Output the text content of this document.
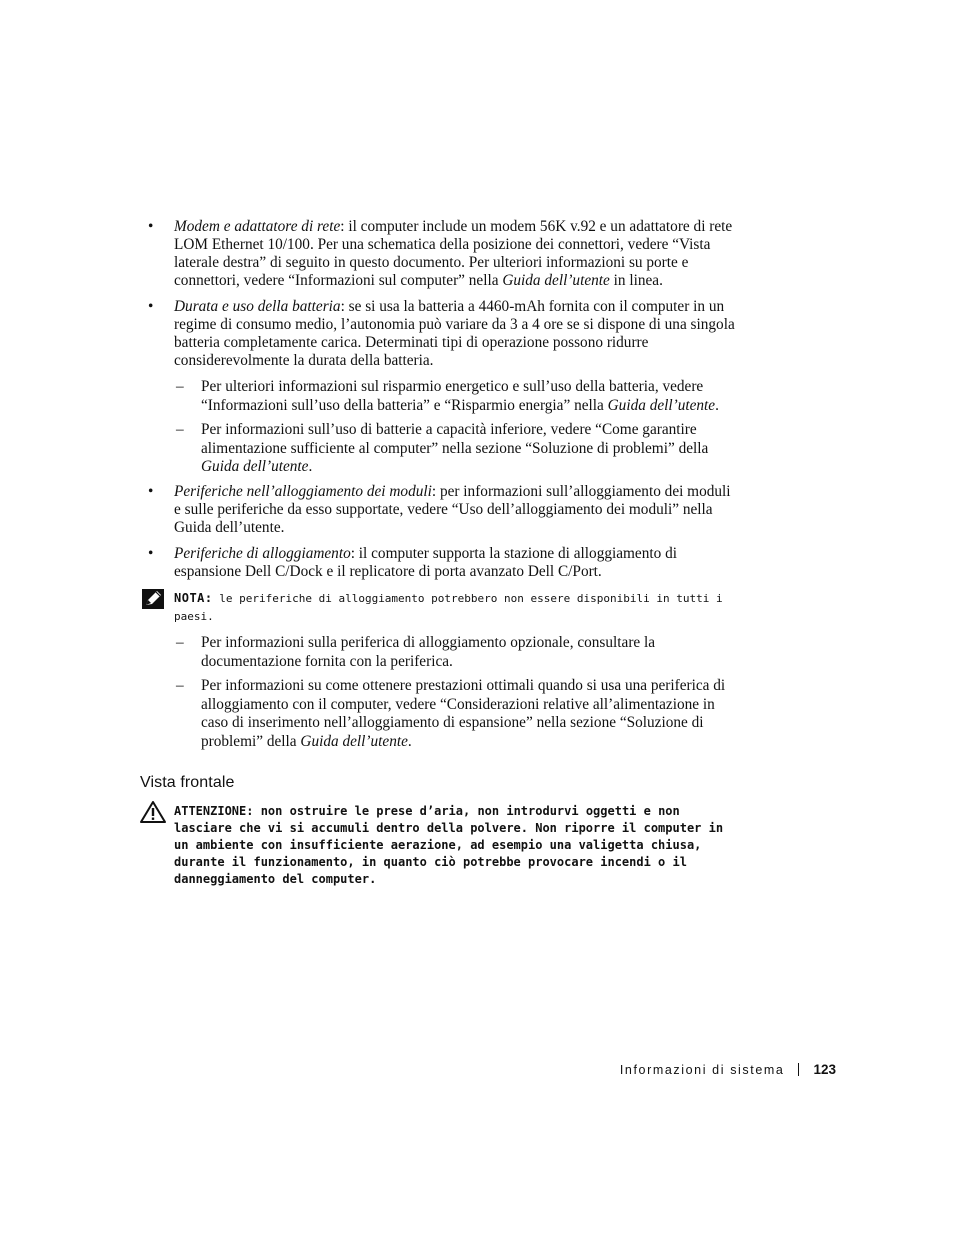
• Modem e adattatore di rete: il computer include un modem 56K v.92 e un adattatore di rete LOM Ethernet 10/100. Per una schematica della posizione dei connettori, vedere “Vista laterale destra” di seguito in questo documento. Per ulteriori informazioni su porte e connettori, vedere “Informazioni sul computer” nella Guida dell’utente in linea.
• Durata e uso della batteria: se si usa la batteria a 4460-mAh fornita con il computer in un regime di consumo medio, l’autonomia può variare da 3 a 4 ore se si dispone di una singola batteria completamente carica. Determinati tipi di operazione possono ridurre considerevolmente la durata della batteria.
– Per ulteriori informazioni sul risparmio energetico e sull’uso della batteria, vedere “Informazioni sull’uso della batteria” e “Risparmio energia” nella Guida dell’utente.
– Per informazioni sull’uso di batterie a capacità inferiore, vedere “Come garantire alimentazione sufficiente al computer” nella sezione “Soluzione di problemi” della Guida dell’utente.
• Periferiche nell’alloggiamento dei moduli: per informazioni sull’alloggiamento dei moduli e sulle periferiche da esso supportate, vedere “Uso dell’alloggiamento dei moduli” nella Guida dell’utente.
• Periferiche di alloggiamento: il computer supporta la stazione di alloggiamento di espansione Dell C/Dock e il replicatore di porta avanzato Dell C/Port.
NOTA: le periferiche di alloggiamento potrebbero non essere disponibili in tutti i paesi.
– Per informazioni sulla periferica di alloggiamento opzionale, consultare la documentazione fornita con la periferica.
– Per informazioni su come ottenere prestazioni ottimali quando si usa una periferica di alloggiamento con il computer, vedere “Considerazioni relative all’alimentazione in caso di inserimento nell’alloggiamento di espansione” nella sezione “Soluzione di problemi” della Guida dell’utente.
Vista frontale
ATTENZIONE: non ostruire le prese d’aria, non introdurvi oggetti e non lasciare che vi si accumuli dentro della polvere. Non riporre il computer in un ambiente con insufficiente aerazione, ad esempio una valigetta chiusa, durante il funzionamento, in quanto ciò potrebbe provocare incendi o il danneggiamento del computer.
Informazioni di sistema 123
